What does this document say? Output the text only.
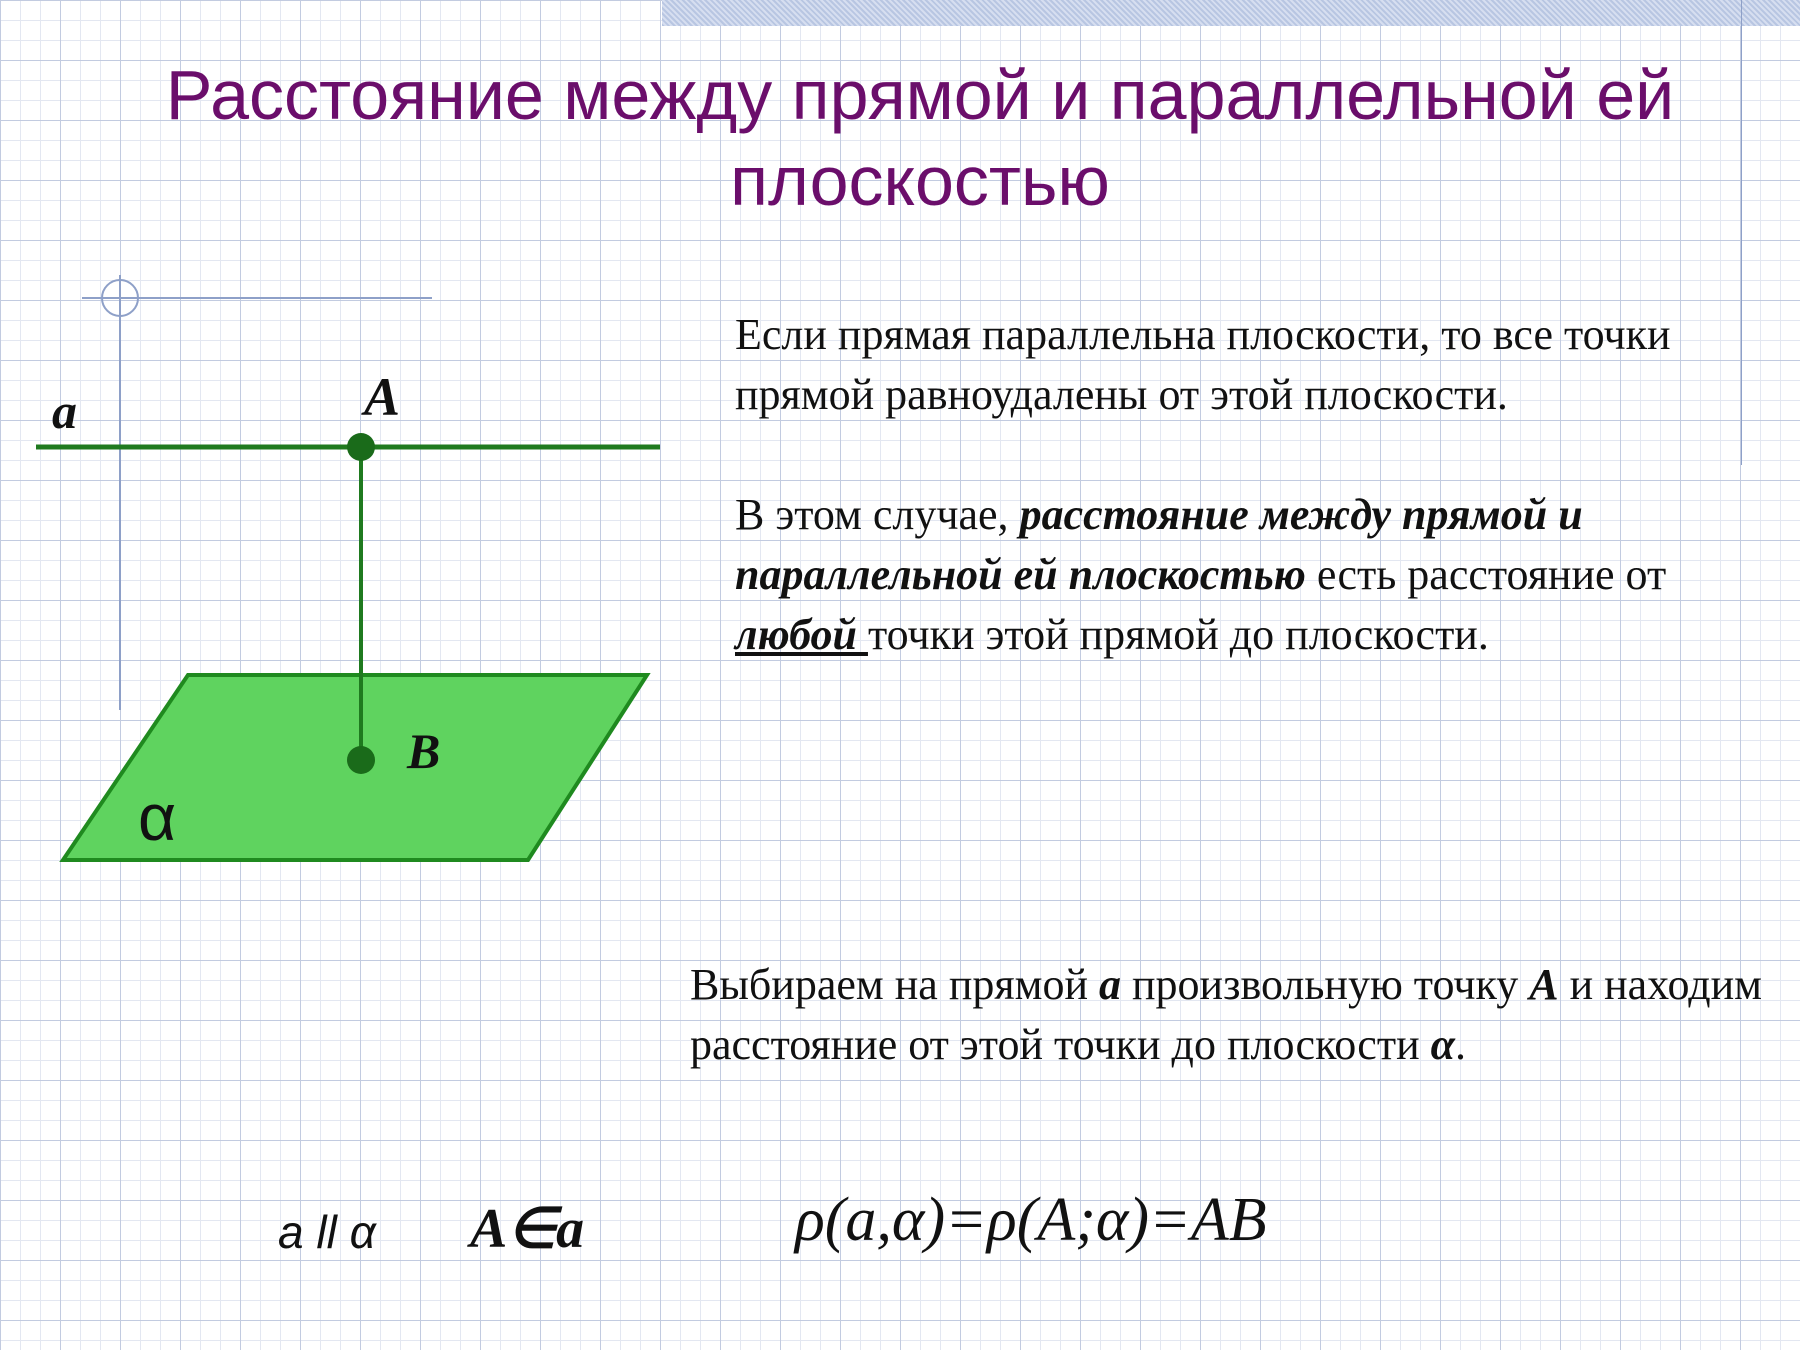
Расстояние между прямой и параллельной ей плоскостью
a	A
B
α
Если прямая параллельна плоскости, то все точки прямой равноудалены от этой плоскости.
В этом случае, расстояние между прямой и параллельной ей плоскостью есть расстояние от любой точки этой прямой до плоскости.
Выбираем на прямой a произвольную точку A и находим расстояние от этой точки до плоскости α.
a ll α A∈a	ρ(a,α)=ρ(A;α)=AB
